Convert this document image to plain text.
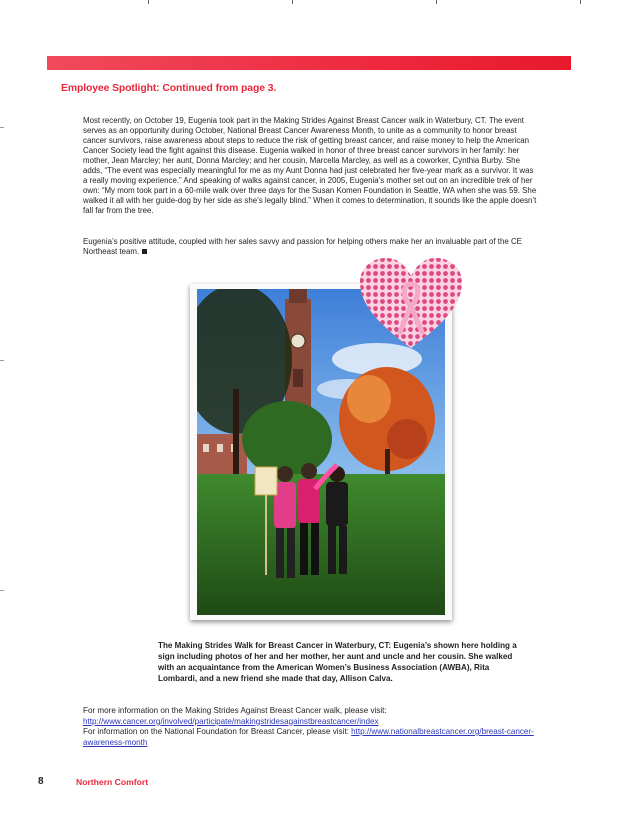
Employee Spotlight: Continued from page 3.
Most recently, on October 19, Eugenia took part in the Making Strides Against Breast Cancer walk in Waterbury, CT. The event serves as an opportunity during October, National Breast Cancer Awareness Month, to unite as a community to honor breast cancer survivors, raise awareness about steps to reduce the risk of getting breast cancer, and raise money to help the American Cancer Society lead the fight against this disease. Eugenia walked in honor of three breast cancer survivors in her family: her mother, Jean Marcley; her aunt, Donna Marcley; and her cousin, Marcella Marcley, as well as a coworker, Cynthia Burby. She adds, “The event was especially meaningful for me as my Aunt Donna had just celebrated her five-year mark as a survivor. It was a really moving experience.” And speaking of walks against cancer, in 2005, Eugenia’s mother set out on an incredible trek of her own: “My mom took part in a 60-mile walk over three days for the Susan Komen Foundation in Seattle, WA when she was 59. She walked it all with her guide-dog by her side as she’s legally blind.” When it comes to determination, it sounds like the apple doesn’t fall far from the tree.
Eugenia’s positive attitude, coupled with her sales savvy and passion for helping others make her an invaluable part of the CE Northeast team.
The Making Strides Walk for Breast Cancer in Waterbury, CT: Eugenia’s shown here holding a sign including photos of her and her mother, her aunt and uncle and her cousin. She walked with an acquaintance from the American Women’s Business Association (AWBA), Rita Lombardi, and a new friend she made that day, Allison Calva.
For more information on the Making Strides Against Breast Cancer walk, please visit: http://www.cancer.org/involved/participate/makingstridesagainstbreastcancer/index
For information on the National Foundation for Breast Cancer, please visit: http://www.nationalbreastcancer.org/breast-cancer-awareness-month
8	Northern Comfort
